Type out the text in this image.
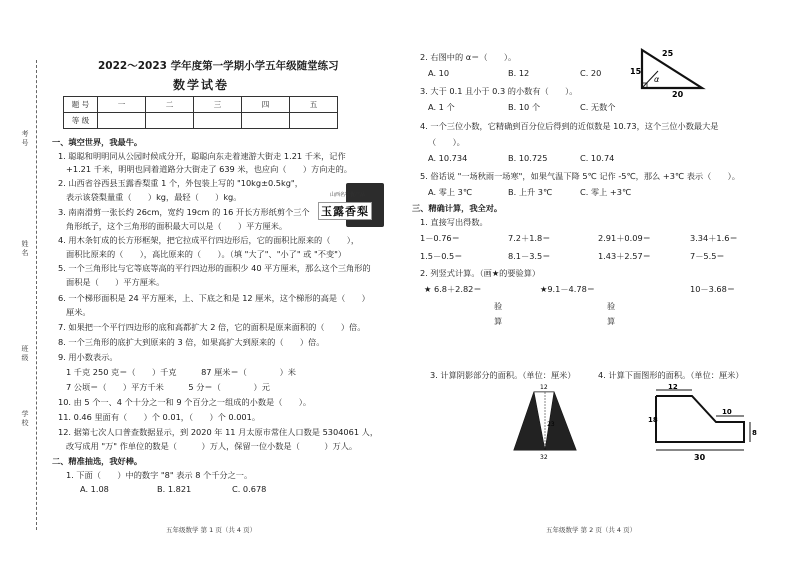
考号
姓名
班级
学校
2022～2023 学年度第一学期小学五年级随堂练习
数学试卷
题 号	一	二	三	四	五
等 级					
一、填空世界，我最牛。
1. 聪聪和明明同从公园时候成分开，聪聪向东走着速游大街走 1.21 千米，记作
+1.21 千米，明明也同着道路分大街走了 639 米，也应向（　　）方向走的。
2. 山西省谷西县玉露香梨重 1 个，外包装上写的 "10kg±0.5kg"，
表示该袋梨量重（　　）kg，最轻（　　）kg。
3. 南南滑剪一张长约 26cm，宽约 19cm 的 16 开长方形纸剪个三个
角形纸子，这个三角形的面积最大可以是（　　）平方厘米。
4. 用木条钉成的长方形框架，把它拉成平行四边形后，它的面积比原来的（　　），
面积比原来的（　　），高比原来的（　　）。（填 "大了"、"小了" 或 "不变"）
5. 一个三角形比与它等底等高的平行四边形的面积少 40 平方厘米，那么这个三角形的
面积是（　　）平方厘米。
6. 一个梯形面积是 24 平方厘米，上、下底之和是 12 厘米，这个梯形的高是（　　）
厘米。
7. 如果把一个平行四边形的底和高都扩大 2 倍，它的面积是原来面积的（　　）倍。
8. 一个三角形的底扩大到原来的 3 倍，如果高扩大到原来的（　　）倍。
9. 用小数表示。
1 千克 250 克＝（　　）千克　　　87 厘米＝（　　　　）米
7 公顷＝（　　）平方千米　　　5 分＝（　　　　）元
10. 由 5 个一、4 个十分之一和 9 个百分之一组成的小数是（　　）。
11. 0.46 里面有（　　）个 0.01，（　　）个 0.001。
12. 据第七次人口普查数据显示，到 2020 年 11 月太原市常住人口数是 5304061 人，
改写成用 "万" 作单位的数是（　　　）万人，保留一位小数是（　　　）万人。
二、精准抽选，我好棒。
1. 下面（　　）中的数字 "8" 表示 8 个千分之一。
A. 1.08	B. 1.821	C. 0.678
山西名特优产品
玉露香梨
五年级数学 第 1 页（共 4 页）
2. 右图中的 α＝（　　）。
A. 10	B. 12	C. 20
25
15
20
α
3. 大于 0.1 且小于 0.3 的小数有（　　）。
A. 1 个	B. 10 个	C. 无数个
4. 一个三位小数，它精确到百分位后得到的近似数是 10.73，这个三位小数最大是
（　　）。
A. 10.734	B. 10.725	C. 10.74
5. 俗话说 "一场秋雨一场寒"，如果气温下降 5℃ 记作 -5℃，那么 +3℃ 表示（　　）。
A. 零上 3℃	B. 上升 3℃	C. 零上 +3℃
三、精确计算，我全对。
1. 直接写出得数。
1－0.76＝	7.2＋1.8＝	2.91＋0.09＝	3.34＋1.6＝
1.5－0.5＝	8.1－3.5＝	1.43＋2.57＝	7－5.5＝
2. 列竖式计算。（画★的要验算）
★ 6.8＋2.82＝	★9.1－4.78＝	10－3.68＝
验
算
验
算
3. 计算阴影部分的面积。（单位：厘米）	4. 计算下面图形的面积。（单位：厘米）
12
23
32
12
18
10
8
30
五年级数学 第 2 页（共 4 页）
